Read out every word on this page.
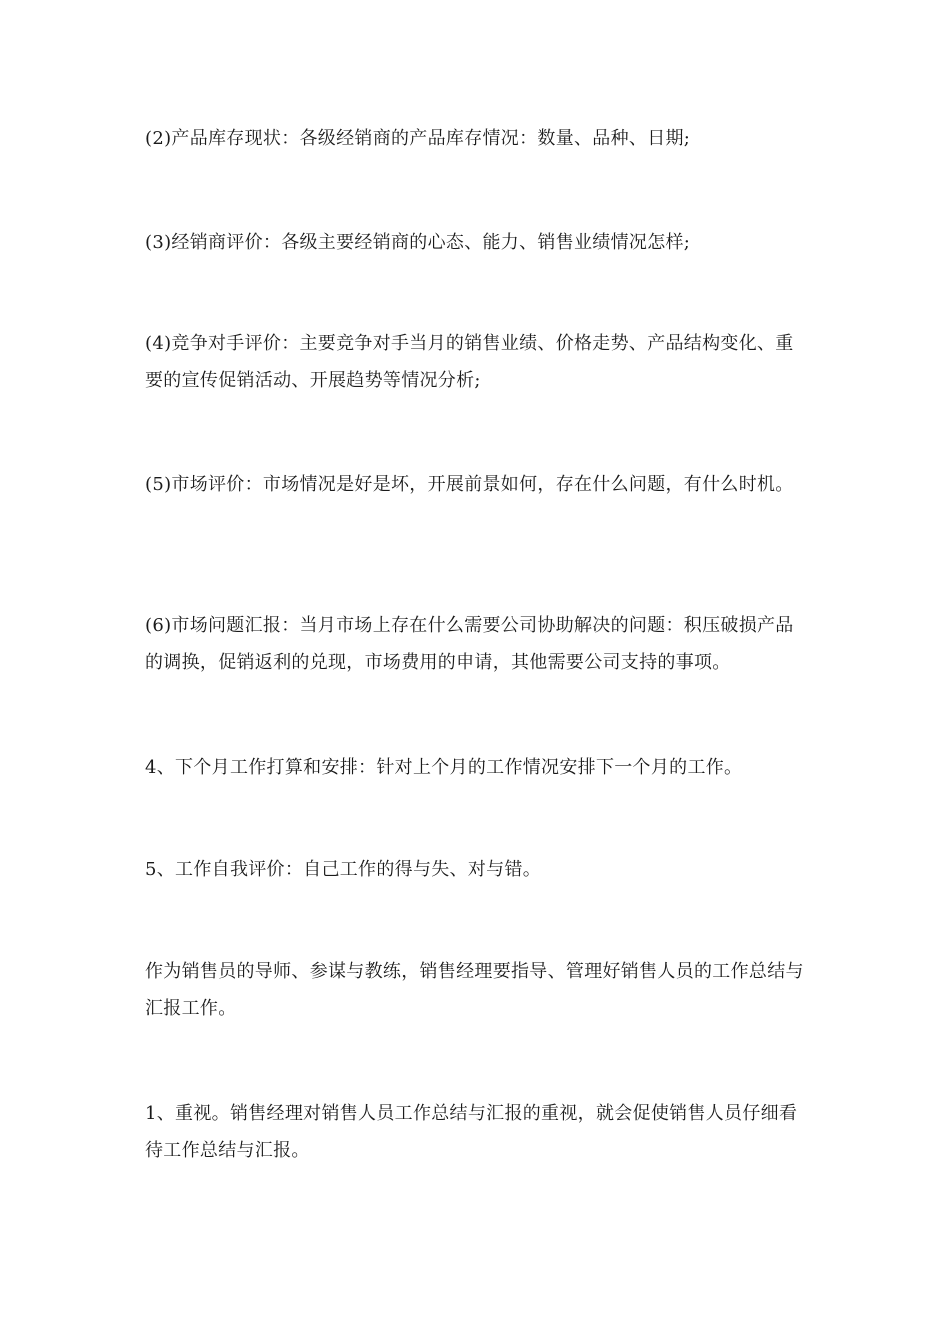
(2)产品库存现状：各级经销商的产品库存情况：数量、品种、日期;

(3)经销商评价：各级主要经销商的心态、能力、销售业绩情况怎样;

(4)竞争对手评价：主要竞争对手当月的销售业绩、价格走势、产品结构变化、重要的宣传促销活动、开展趋势等情况分析;

(5)市场评价：市场情况是好是坏，开展前景如何，存在什么问题，有什么时机。

(6)市场问题汇报：当月市场上存在什么需要公司协助解决的问题：积压破损产品的调换，促销返利的兑现，市场费用的申请，其他需要公司支持的事项。

4、下个月工作打算和安排：针对上个月的工作情况安排下一个月的工作。

5、工作自我评价：自己工作的得与失、对与错。

作为销售员的导师、参谋与教练，销售经理要指导、管理好销售人员的工作总结与汇报工作。

1、重视。销售经理对销售人员工作总结与汇报的重视，就会促使销售人员仔细看待工作总结与汇报。
